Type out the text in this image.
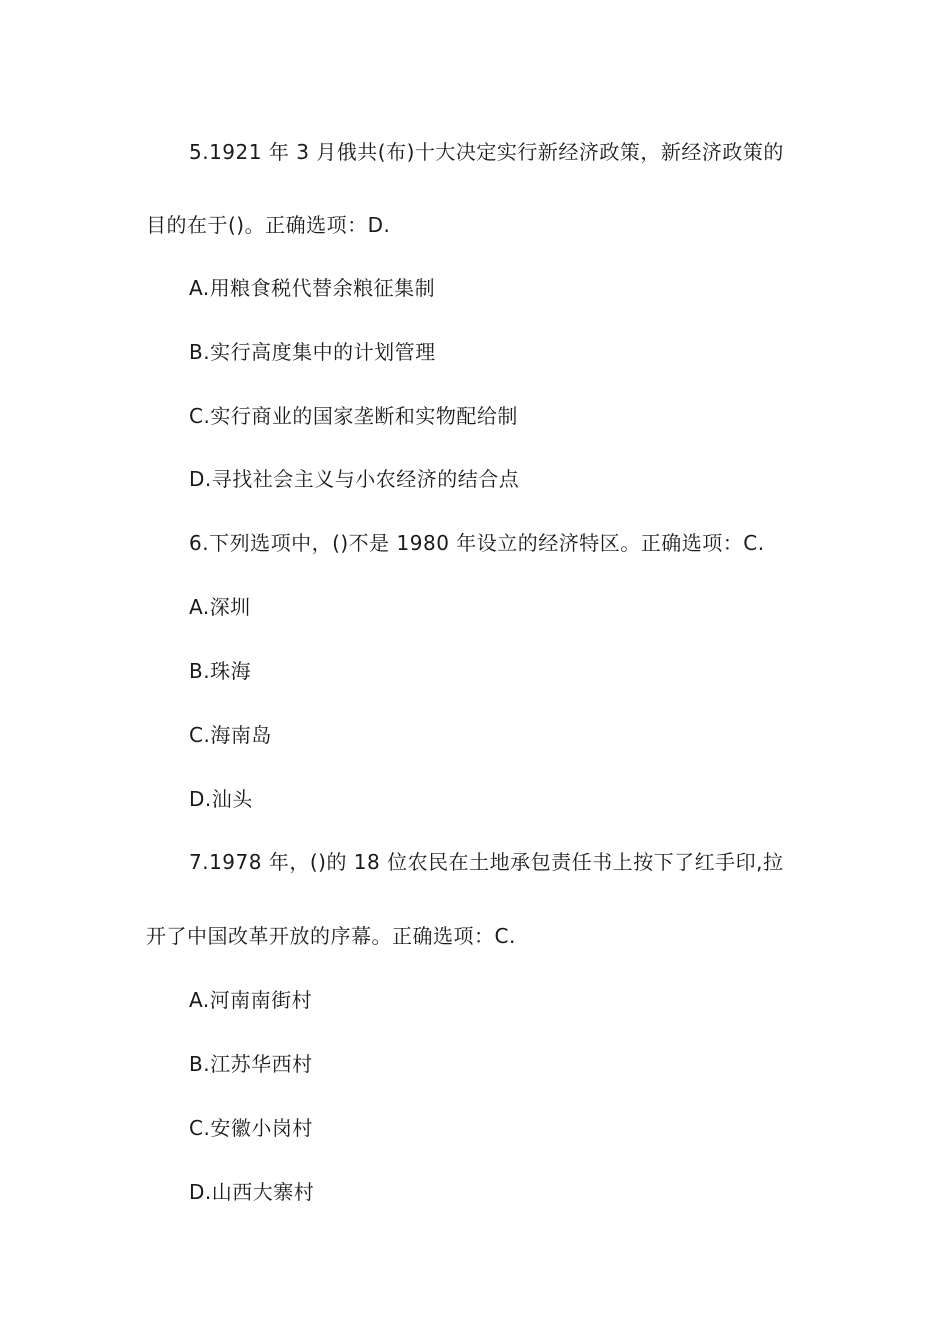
5.1921 年 3 月俄共(布)十大决定实行新经济政策，新经济政策的
目的在于()。正确选项：D.
A.用粮食税代替余粮征集制
B.实行高度集中的计划管理
C.实行商业的国家垄断和实物配给制
D.寻找社会主义与小农经济的结合点
6.下列选项中，()不是 1980 年设立的经济特区。正确选项：C.
A.深圳
B.珠海
C.海南岛
D.汕头
7.1978 年，()的 18 位农民在土地承包责任书上按下了红手印,拉
开了中国改革开放的序幕。正确选项：C.
A.河南南街村
B.江苏华西村
C.安徽小岗村
D.山西大寨村
